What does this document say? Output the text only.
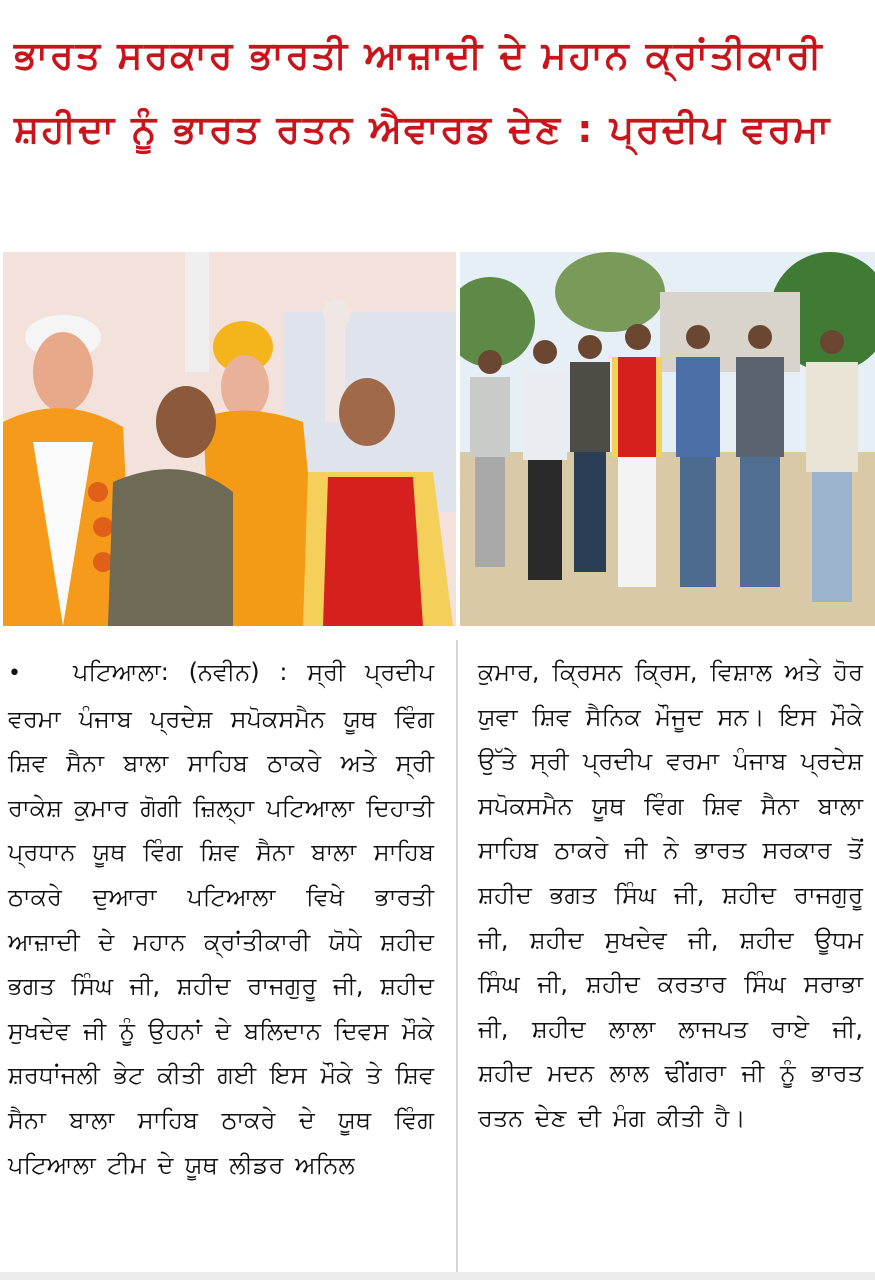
ਭਾਰਤ ਸਰਕਾਰ ਭਾਰਤੀ ਆਜ਼ਾਦੀ ਦੇ ਮਹਾਨ ਕ੍ਰਾਂਤੀਕਾਰੀ ਸ਼ਹੀਦਾ ਨੂੰ ਭਾਰਤ ਰਤਨ ਐਵਾਰਡ ਦੇਣ : ਪ੍ਰਦੀਪ ਵਰਮਾ
• ਪਟਿਆਲਾ: (ਨਵੀਨ) : ਸ੍ਰੀ ਪ੍ਰਦੀਪ ਵਰਮਾ ਪੰਜਾਬ ਪ੍ਰਦੇਸ਼ ਸਪੋਕਸਮੈਨ ਯੂਥ ਵਿੰਗ ਸ਼ਿਵ ਸੈਨਾ ਬਾਲਾ ਸਾਹਿਬ ਠਾਕਰੇ ਅਤੇ ਸ੍ਰੀ ਰਾਕੇਸ਼ ਕੁਮਾਰ ਗੋਗੀ ਜ਼ਿਲ੍ਹਾ ਪਟਿਆਲਾ ਦਿਹਾਤੀ ਪ੍ਰਧਾਨ ਯੂਥ ਵਿੰਗ ਸ਼ਿਵ ਸੈਨਾ ਬਾਲਾ ਸਾਹਿਬ ਠਾਕਰੇ ਦੁਆਰਾ ਪਟਿਆਲਾ ਵਿਖੇ ਭਾਰਤੀ ਆਜ਼ਾਦੀ ਦੇ ਮਹਾਨ ਕ੍ਰਾਂਤੀਕਾਰੀ ਯੋਧੇ ਸ਼ਹੀਦ ਭਗਤ ਸਿੰਘ ਜੀ, ਸ਼ਹੀਦ ਰਾਜਗੁਰੂ ਜੀ, ਸ਼ਹੀਦ ਸੁਖਦੇਵ ਜੀ ਨੂੰ ਉਹਨਾਂ ਦੇ ਬਲਿਦਾਨ ਦਿਵਸ ਮੌਕੇ ਸ਼ਰਧਾਂਜਲੀ ਭੇਟ ਕੀਤੀ ਗਈ ਇਸ ਮੌਕੇ ਤੇ ਸ਼ਿਵ ਸੈਨਾ ਬਾਲਾ ਸਾਹਿਬ ਠਾਕਰੇ ਦੇ ਯੂਥ ਵਿੰਗ ਪਟਿਆਲਾ ਟੀਮ ਦੇ ਯੂਥ ਲੀਡਰ ਅਨਿਲ
ਕੁਮਾਰ, ਕ੍ਰਿਸਨ ਕ੍ਰਿਸ, ਵਿਸ਼ਾਲ ਅਤੇ ਹੋਰ ਯੁਵਾ ਸ਼ਿਵ ਸੈਨਿਕ ਮੌਜੂਦ ਸਨ। ਇਸ ਮੌਕੇ ਉੱਤੇ ਸ੍ਰੀ ਪ੍ਰਦੀਪ ਵਰਮਾ ਪੰਜਾਬ ਪ੍ਰਦੇਸ਼ ਸਪੋਕਸਮੈਨ ਯੂਥ ਵਿੰਗ ਸ਼ਿਵ ਸੈਨਾ ਬਾਲਾ ਸਾਹਿਬ ਠਾਕਰੇ ਜੀ ਨੇ ਭਾਰਤ ਸਰਕਾਰ ਤੋਂ ਸ਼ਹੀਦ ਭਗਤ ਸਿੰਘ ਜੀ, ਸ਼ਹੀਦ ਰਾਜਗੁਰੂ ਜੀ, ਸ਼ਹੀਦ ਸੁਖਦੇਵ ਜੀ, ਸ਼ਹੀਦ ਊਧਮ ਸਿੰਘ ਜੀ, ਸ਼ਹੀਦ ਕਰਤਾਰ ਸਿੰਘ ਸਰਾਭਾ ਜੀ, ਸ਼ਹੀਦ ਲਾਲਾ ਲਾਜਪਤ ਰਾਏ ਜੀ, ਸ਼ਹੀਦ ਮਦਨ ਲਾਲ ਢੀਂਗਰਾ ਜੀ ਨੂੰ ਭਾਰਤ ਰਤਨ ਦੇਣ ਦੀ ਮੰਗ ਕੀਤੀ ਹੈ।
